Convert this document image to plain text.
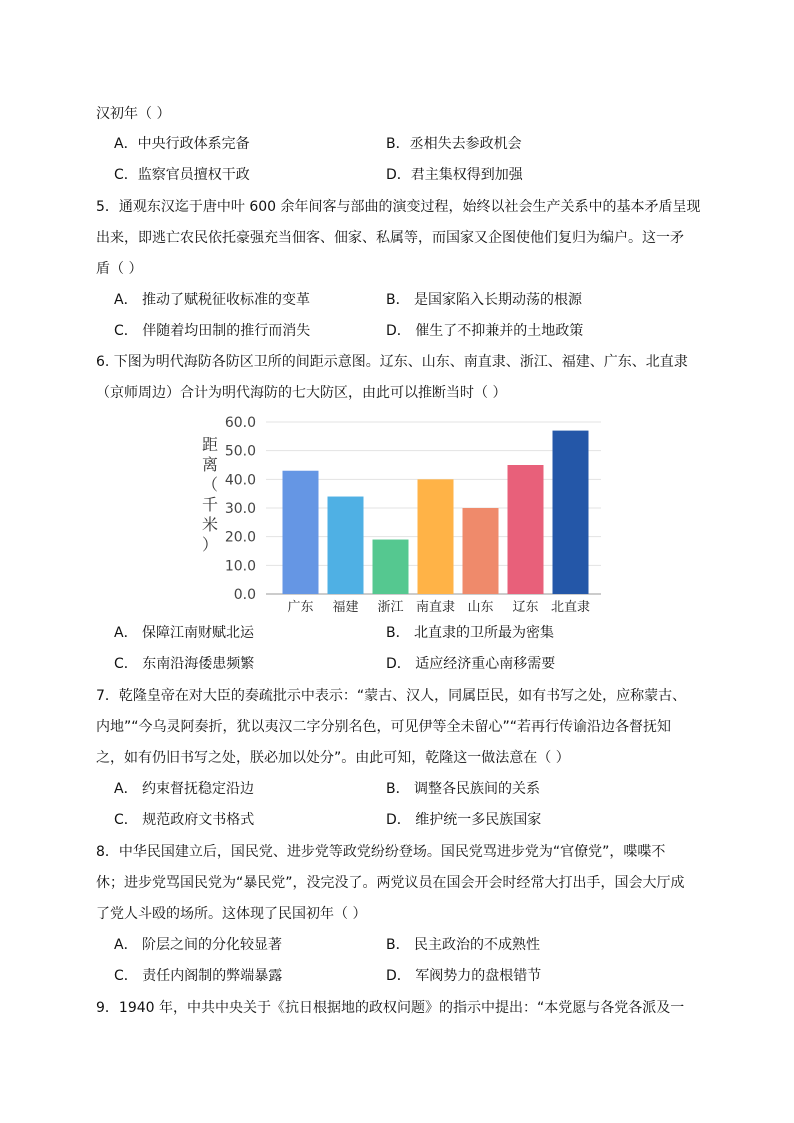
汉初年（ ）
A．中央行政体系完备	B．丞相失去参政机会
C．监察官员擅权干政	D．君主集权得到加强
5．通观东汉迄于唐中叶 600 余年间客与部曲的演变过程，始终以社会生产关系中的基本矛盾呈现
出来，即逃亡农民依托豪强充当佃客、佃家、私属等，而国家又企图使他们复归为编户。这一矛
盾（ ）
A． 推动了赋税征收标准的变革	B． 是国家陷入长期动荡的根源
C． 伴随着均田制的推行而消失	D． 催生了不抑兼并的土地政策
6. 下图为明代海防各防区卫所的间距示意图。辽东、山东、南直隶、浙江、福建、广东、北直隶
（京师周边）合计为明代海防的七大防区，由此可以推断当时（ ）
0.0
10.0
20.0
30.0
40.0
50.0
60.0
距
离
（
千
米
）
广东 福建 浙江 南直隶 山东 辽东 北直隶
A． 保障江南财赋北运	B． 北直隶的卫所最为密集
C． 东南沿海倭患频繁	D． 适应经济重心南移需要
7．乾隆皇帝在对大臣的奏疏批示中表示：“蒙古、汉人，同属臣民，如有书写之处，应称蒙古、
内地”“今乌灵阿奏折，犹以夷汉二字分别名色，可见伊等全未留心”“若再行传谕沿边各督抚知
之，如有仍旧书写之处，朕必加以处分”。由此可知，乾隆这一做法意在（ ）
A． 约束督抚稳定沿边	B． 调整各民族间的关系
C． 规范政府文书格式	D． 维护统一多民族国家
8．中华民国建立后，国民党、进步党等政党纷纷登场。国民党骂进步党为“官僚党”，喋喋不
休；进步党骂国民党为“暴民党”，没完没了。两党议员在国会开会时经常大打出手，国会大厅成
了党人斗殴的场所。这体现了民国初年（ ）
A． 阶层之间的分化较显著	B． 民主政治的不成熟性
C． 责任内阁制的弊端暴露	D． 军阀势力的盘根错节
9．1940 年，中共中央关于《抗日根据地的政权问题》的指示中提出：“本党愿与各党各派及一
